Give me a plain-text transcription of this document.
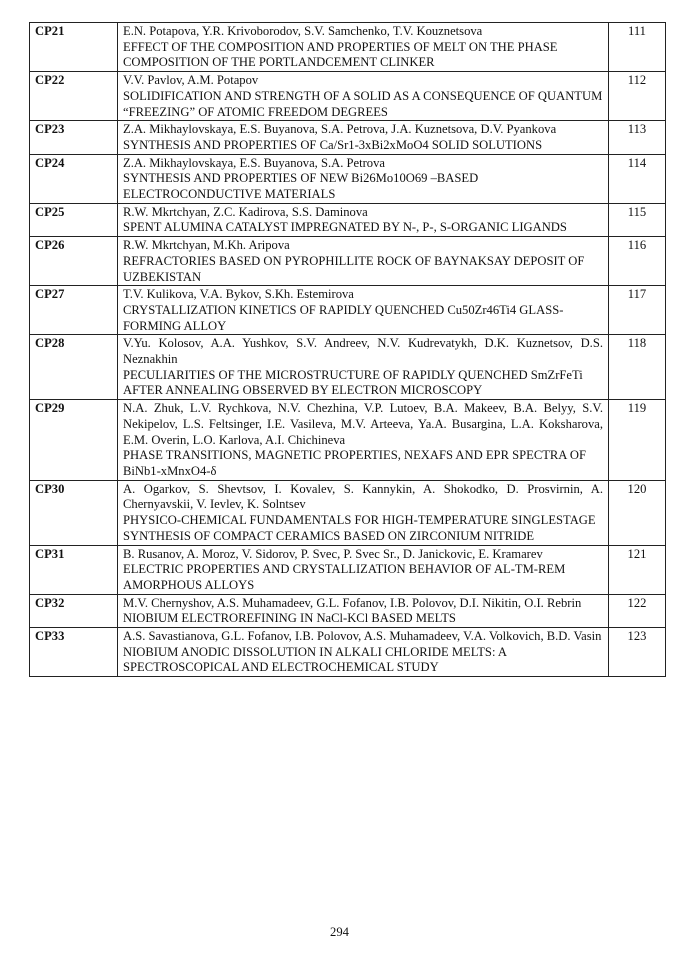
CP21	E.N. Potapova, Y.R. Krivoborodov, S.V. Samchenko, T.V. Kouznetsova
EFFECT OF THE COMPOSITION AND PROPERTIES OF MELT ON THE PHASE COMPOSITION OF THE PORTLANDCEMENT CLINKER	111
CP22	V.V. Pavlov, A.M. Potapov
SOLIDIFICATION AND STRENGTH OF A SOLID AS A CONSEQUENCE OF QUANTUM “FREEZING” OF ATOMIC FREEDOM DEGREES	112
CP23	Z.A. Mikhaylovskaya, E.S. Buyanova, S.A. Petrova, J.A. Kuznetsova, D.V. Pyankova
SYNTHESIS AND PROPERTIES OF Ca/Sr1-3xBi2xMoO4 SOLID SOLUTIONS	113
CP24	Z.A. Mikhaylovskaya, E.S. Buyanova, S.A. Petrova
SYNTHESIS AND PROPERTIES OF NEW Bi26Mo10O69 –BASED ELECTROCONDUCTIVE MATERIALS	114
CP25	R.W. Mkrtchyan, Z.C. Kadirova, S.S. Daminova
SPENT ALUMINA CATALYST IMPREGNATED BY N-, P-, S-ORGANIC LIGANDS	115
CP26	R.W. Mkrtchyan, M.Kh. Aripova
REFRACTORIES BASED ON PYROPHILLITE ROCK OF BAYNAKSAY DEPOSIT OF UZBEKISTAN	116
CP27	T.V. Kulikova, V.A. Bykov, S.Kh. Estemirova
CRYSTALLIZATION KINETICS OF RAPIDLY QUENCHED Cu50Zr46Ti4 GLASS-FORMING ALLOY	117
CP28	V.Yu. Kolosov, A.A. Yushkov, S.V. Andreev, N.V. Kudrevatykh, D.K. Kuznetsov, D.S. Neznakhin
PECULIARITIES OF THE MICROSTRUCTURE OF RAPIDLY QUENCHED SmZrFeTi AFTER ANNEALING OBSERVED BY ELECTRON MICROSCOPY	118
CP29	N.A. Zhuk, L.V. Rychkova, N.V. Chezhina, V.P. Lutoev, B.A. Makeev, B.A. Belyy, S.V. Nekipelov, L.S. Feltsinger, I.E. Vasileva, M.V. Arteeva, Ya.A. Busargina, L.A. Koksharova, E.M. Overin, L.O. Karlova, A.I. Chichineva
PHASE TRANSITIONS, MAGNETIC PROPERTIES, NEXAFS AND EPR SPECTRA OF BiNb1-xMnxO4-δ	119
CP30	A. Ogarkov, S. Shevtsov, I. Kovalev, S. Kannykin, A. Shokodko, D. Prosvirnin, A. Chernyavskii, V. Ievlev, K. Solntsev
PHYSICO-CHEMICAL FUNDAMENTALS FOR HIGH-TEMPERATURE SINGLESTAGE SYNTHESIS OF COMPACT CERAMICS BASED ON ZIRCONIUM NITRIDE	120
CP31	B. Rusanov, A. Moroz, V. Sidorov, P. Svec, P. Svec Sr., D. Janickovic, E. Kramarev
ELECTRIC PROPERTIES AND CRYSTALLIZATION BEHAVIOR OF AL-TM-REM AMORPHOUS ALLOYS	121
CP32	M.V. Chernyshov, A.S. Muhamadeev, G.L. Fofanov, I.B. Polovov, D.I. Nikitin, O.I. Rebrin
NIOBIUM ELECTROREFINING IN NaCl-KCl BASED MELTS	122
CP33	A.S. Savastianova, G.L. Fofanov, I.B. Polovov, A.S. Muhamadeev, V.A. Volkovich, B.D. Vasin
NIOBIUM ANODIC DISSOLUTION IN ALKALI CHLORIDE MELTS: A SPECTROSCOPICAL AND ELECTROCHEMICAL STUDY	123
294
